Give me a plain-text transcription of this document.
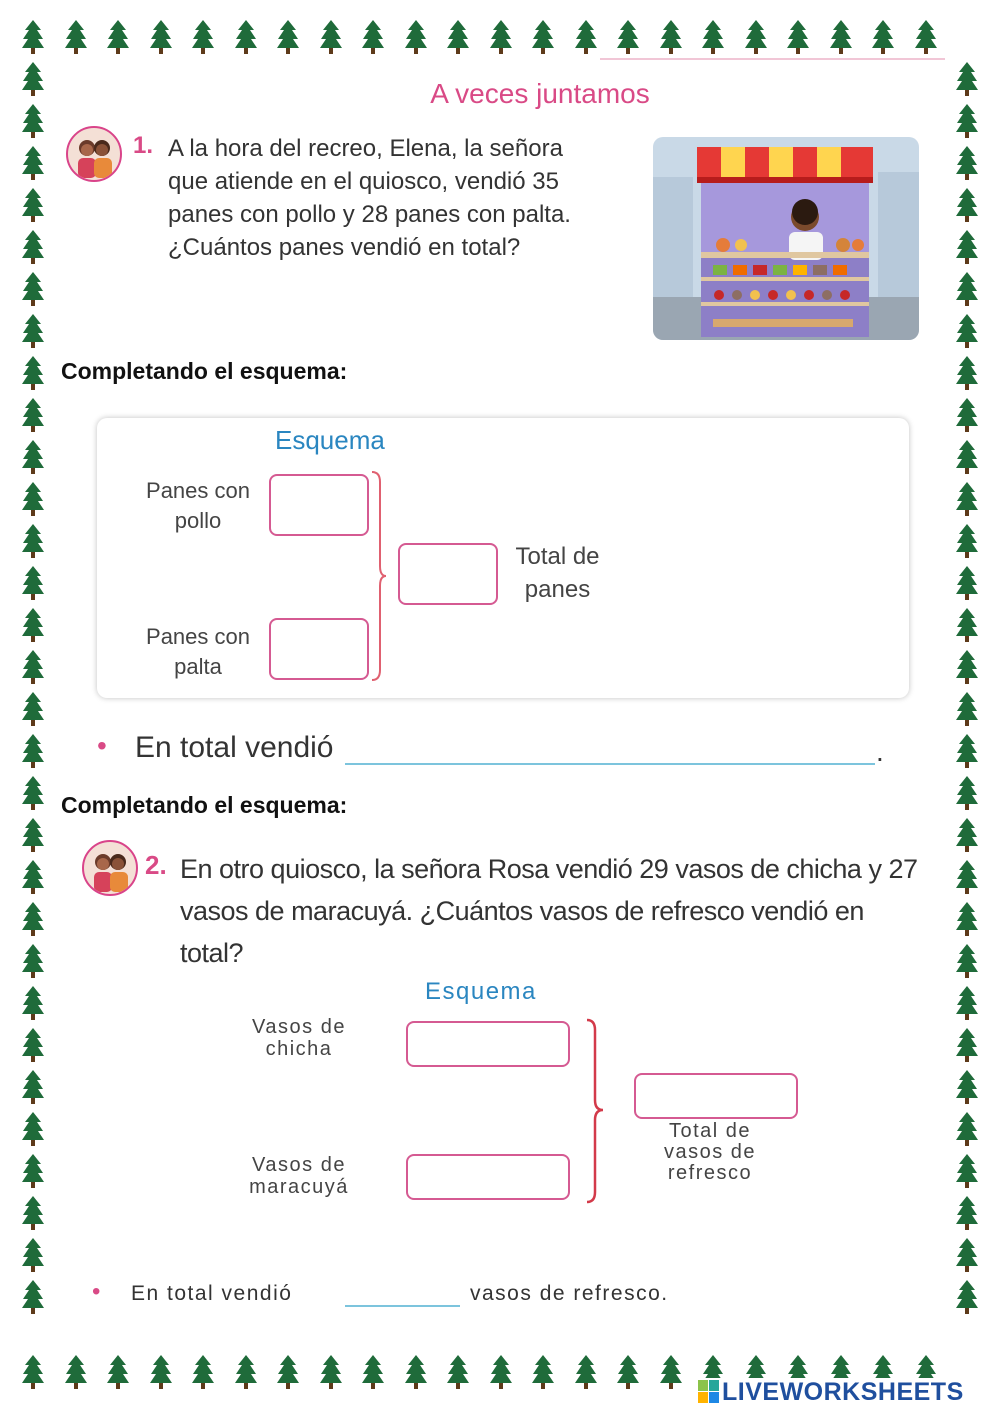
A veces juntamos
1. A la hora del recreo, Elena, la señora
que atiende en el quiosco, vendió 35
panes con pollo y 28 panes con palta.
¿Cuántos panes vendió en total?
Completando el esquema:
Esquema
Panes con
pollo
Panes con
palta
Total de
panes
• En total vendió	.
Completando el esquema:
2. En otro quiosco, la señora Rosa vendió 29 vasos de chicha y 27
vasos de maracuyá. ¿Cuántos vasos de refresco vendió en total?
Esquema
Vasos de
chicha
Vasos de
maracuyá
Total de
vasos de
refresco
• En total vendió	vasos de refresco.
LIVEWORKSHEETS
